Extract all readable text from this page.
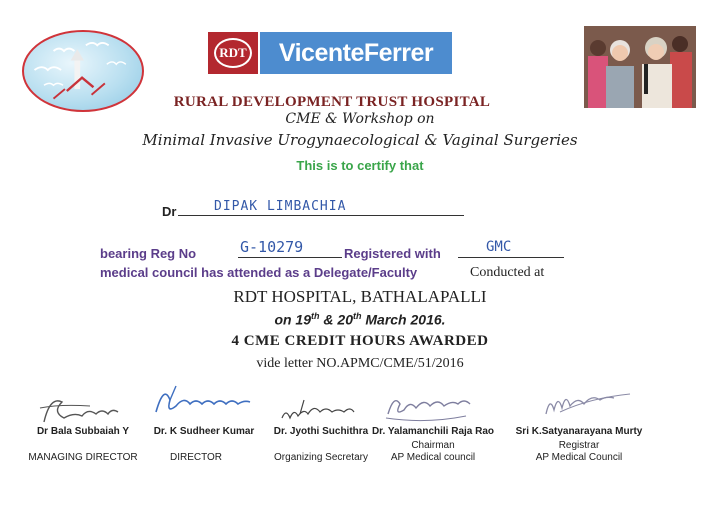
RDT	VicenteFerrer
RURAL DEVELOPMENT TRUST HOSPITAL
CME & Workshop on
Minimal Invasive Urogynaecological & Vaginal Surgeries
This is to certify that
Dr	DIPAK LIMBACHIA
bearing Reg No	G-10279	Registered with	GMC
medical council has attended as a Delegate/Faculty	Conducted at
RDT HOSPITAL, BATHALAPALLI
on 19th & 20th March 2016.
4 CME CREDIT HOURS AWARDED
vide letter NO.APMC/CME/51/2016
Dr Bala Subbaiah Y
MANAGING DIRECTOR
Dr. K Sudheer Kumar
DIRECTOR
Dr. Jyothi Suchithra
Organizing Secretary
Dr. Yalamanchili Raja Rao
Chairman
AP Medical council
Sri K.Satyanarayana Murty
Registrar
AP Medical Council
